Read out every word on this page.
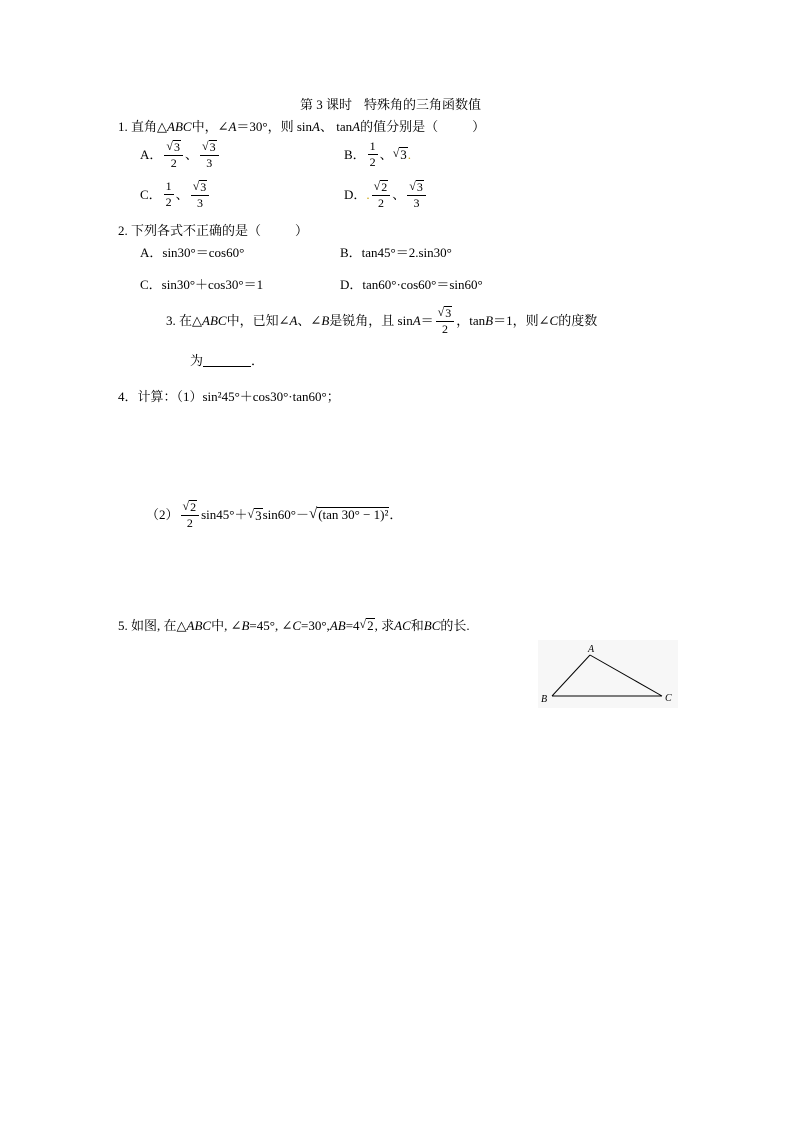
第 3 课时 特殊角的三角函数值
1. 直角△ ABC 中，∠ A ＝30°，则 sin A 、 tan A 的值分别是（	）
A． $\frac{√ 3}{2}$ 、 $\frac{√ 3}{3}$	B． $\frac{1}{2}$ 、 √ 3 .
C． $\frac{1}{2}$ 、 $\frac{√ 3}{3}$	D． . $\frac{√ 2}{2}$ 、 $\frac{√ 3}{3}$
2. 下列各式不正确的是（	）
A．sin30°＝cos60°	B．tan45°＝2.sin30°
C．sin30°＋cos30°＝1	D．tan60°·cos60°＝sin60°
3. 在△ ABC 中，已知∠ A 、∠ B 是锐角，且 $\sin A = \frac{√ 3}{2}$ ，tan B ＝1，则∠ C 的度数
为	．
4．计算：（1）sin²45°＋cos30°·tan60°；
$(2) \frac{√ 2}{2} \sin 45^\circ+$ √ 3 sin60°－ √ (tan 30° − 1)² ．
5. 如图, 在△ ABC 中, ∠ B =45°, ∠ C =30°, AB =4 √ 2 , 求 AC 和 BC 的长.
A
B	C
